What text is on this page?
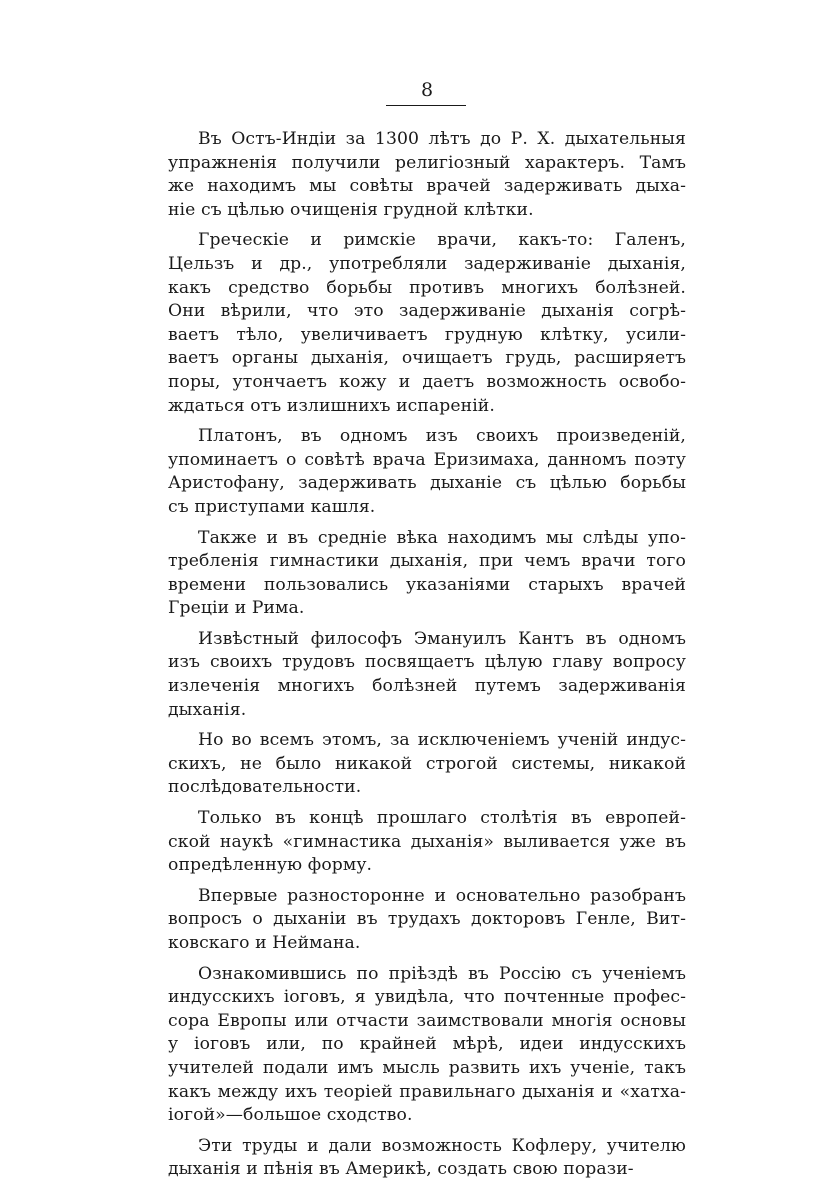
8

Въ Остъ-Индіи за 1300 лѣтъ до Р. Х. дыхательныя
упражненія получили религіозный характеръ. Тамъ
же находимъ мы совѣты врачей задерживать дыха-
ніе съ цѣлью очищенія грудной клѣтки.

Греческіе и римскіе врачи, какъ-то: Галенъ,
Цельзъ и др., употребляли задерживаніе дыханія,
какъ средство борьбы противъ многихъ болѣзней.
Они вѣрили, что это задерживаніе дыханія согрѣ-
ваетъ тѣло, увеличиваетъ грудную клѣтку, усили-
ваетъ органы дыханія, очищаетъ грудь, расширяетъ
поры, утончаетъ кожу и даетъ возможность освобо-
ждаться отъ излишнихъ испареній.

Платонъ, въ одномъ изъ своихъ произведеній,
упоминаетъ о совѣтѣ врача Еризимаха, данномъ поэту
Аристофану, задерживать дыханіе съ цѣлью борьбы
съ приступами кашля.

Также и въ средніе вѣка находимъ мы слѣды упо-
требленія гимнастики дыханія, при чемъ врачи того
времени пользовались указаніями старыхъ врачей
Греціи и Рима.

Извѣстный философъ Эмануилъ Кантъ въ одномъ
изъ своихъ трудовъ посвящаетъ цѣлую главу вопросу
излеченія многихъ болѣзней путемъ задерживанія
дыханія.

Но во всемъ этомъ, за исключеніемъ ученій индус-
скихъ, не было никакой строгой системы, никакой
послѣдовательности.

Только въ концѣ прошлаго столѣтія въ европей-
ской наукѣ «гимнастика дыханія» выливается уже въ
опредѣленную форму.

Впервые разносторонне и основательно разобранъ
вопросъ о дыханіи въ трудахъ докторовъ Генле, Вит-
ковскаго и Неймана.

Ознакомившись по пріѣздѣ въ Россію съ ученіемъ
индусскихъ іоговъ, я увидѣла, что почтенные профес-
сора Европы или отчасти заимствовали многія основы
у іоговъ или, по крайней мѣрѣ, идеи индусскихъ
учителей подали имъ мысль развить ихъ ученіе, такъ
какъ между ихъ теоріей правильнаго дыханія и «хатха-
іогой»—большое сходство.

Эти труды и дали возможность Кофлеру, учителю
дыханія и пѣнія въ Америкѣ, создать свою порази-
